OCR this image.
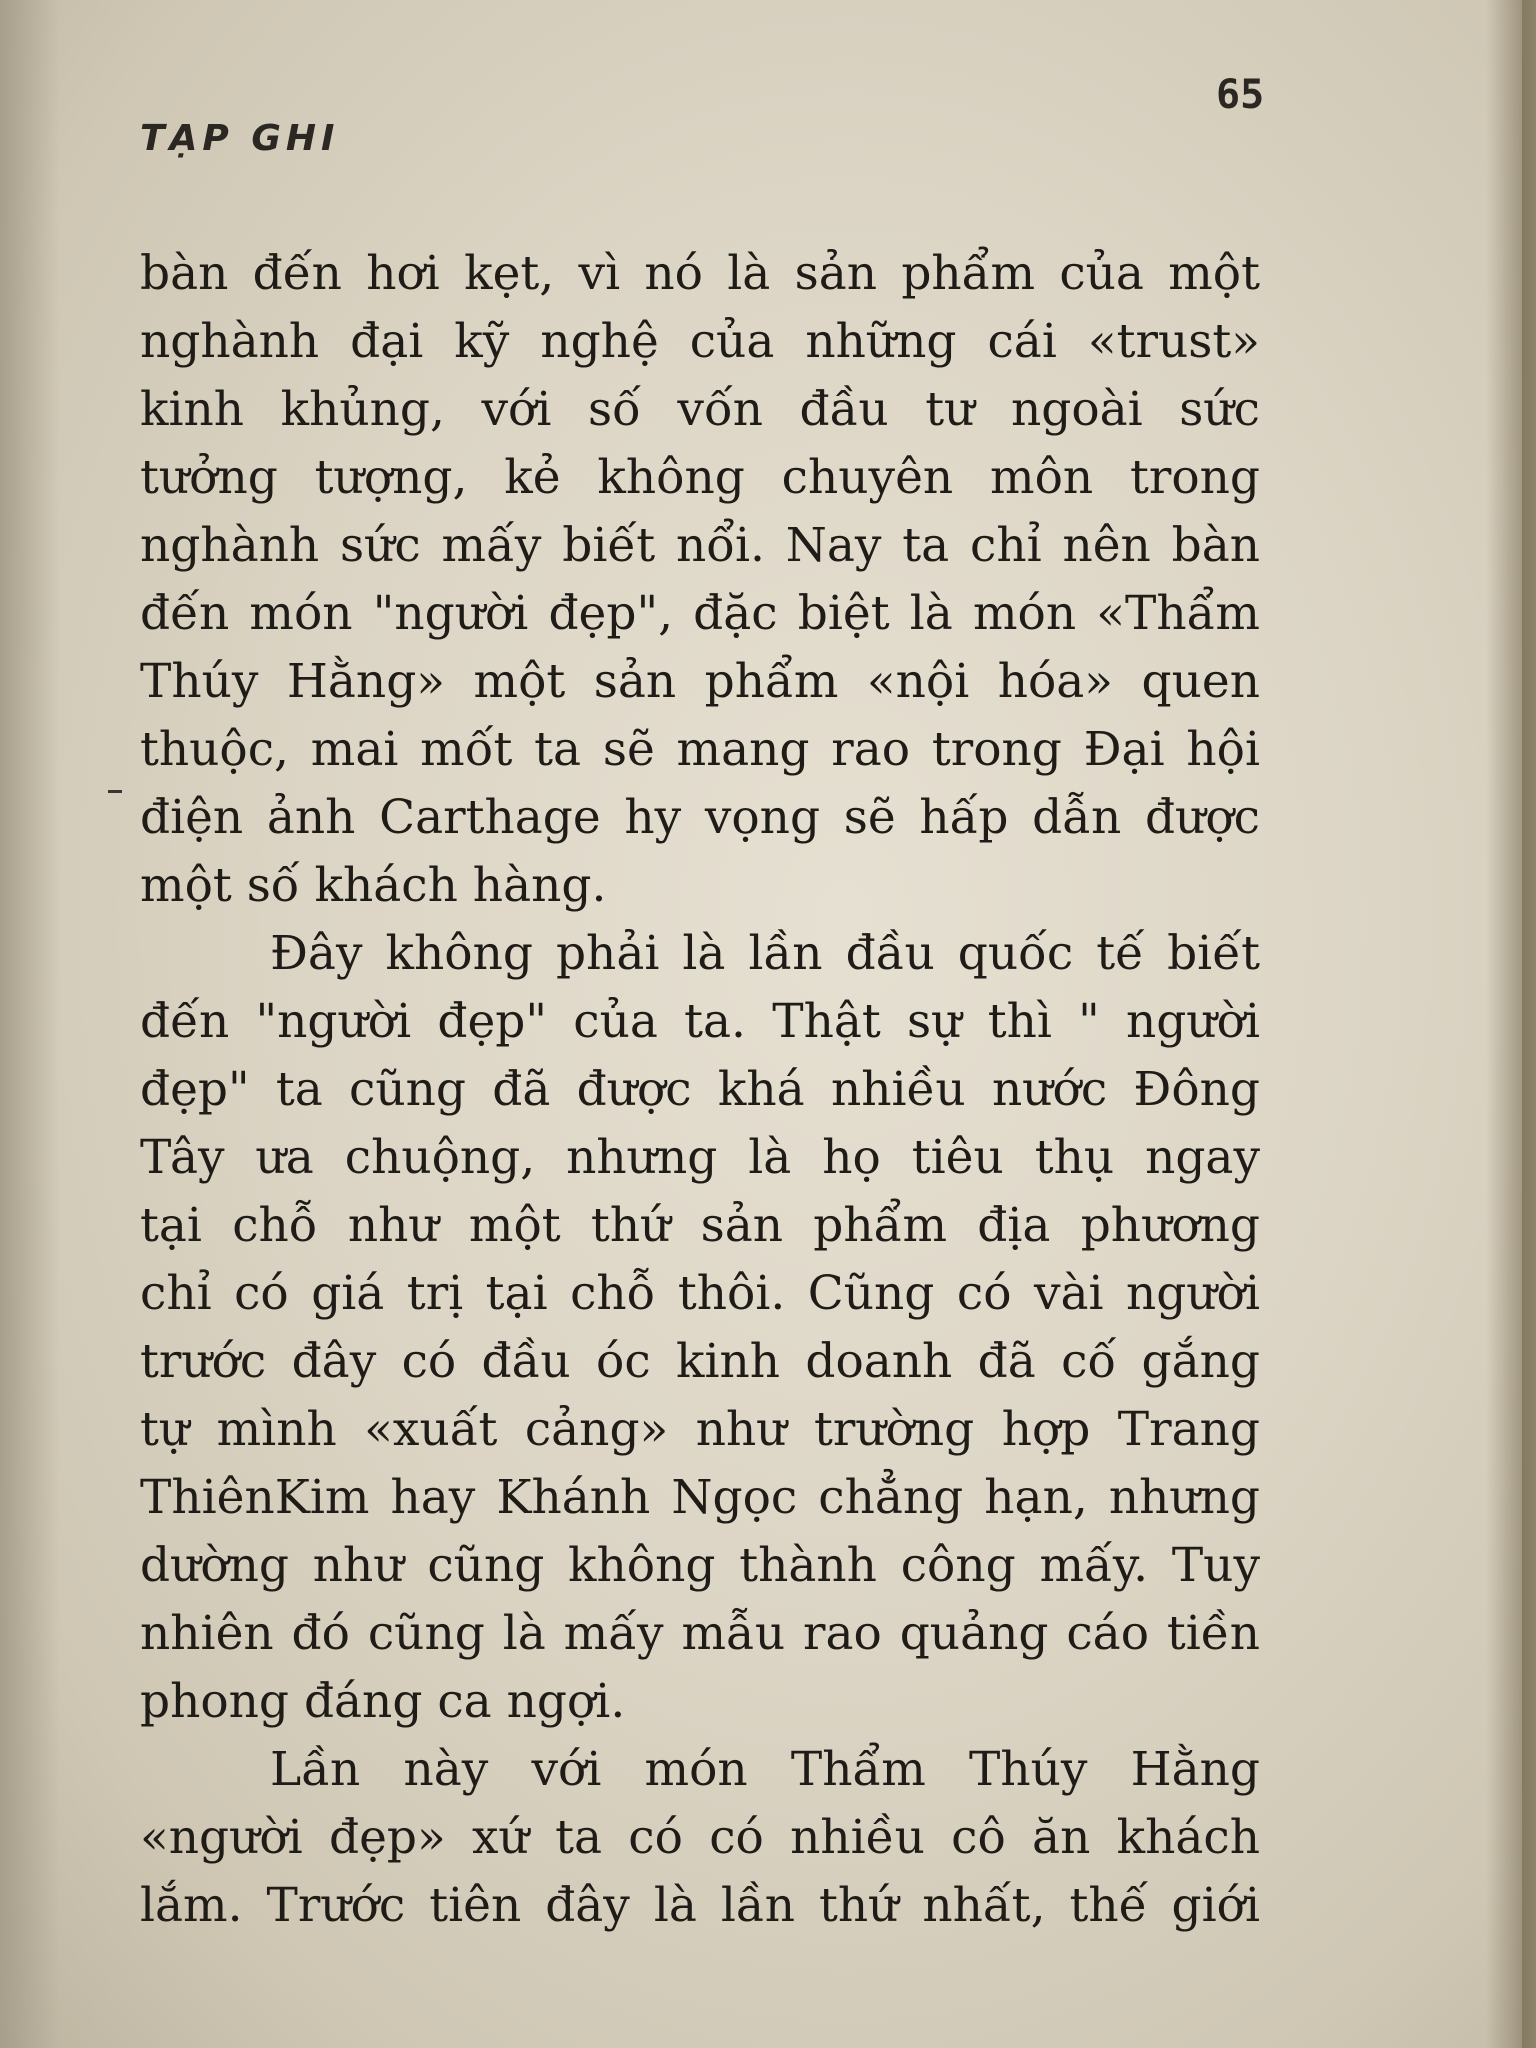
TẠP GHI
65
bàn đến hơi kẹt, vì nó là sản phẩm của một
nghành đại kỹ nghệ của những cái «trust»
kinh khủng, với số vốn đầu tư ngoài sức
tưởng tượng, kẻ không chuyên môn trong
nghành sức mấy biết nổi. Nay ta chỉ nên bàn
đến món "người đẹp", đặc biệt là món «Thẩm
Thúy Hằng» một sản phẩm «nội hóa» quen
thuộc, mai mốt ta sẽ mang rao trong Đại hội
điện ảnh Carthage hy vọng sẽ hấp dẫn được
một số khách hàng.
Đây không phải là lần đầu quốc tế biết
đến "người đẹp" của ta. Thật sự thì " người
đẹp" ta cũng đã được khá nhiều nước Đông
Tây ưa chuộng, nhưng là họ tiêu thụ ngay
tại chỗ như một thứ sản phẩm địa phương
chỉ có giá trị tại chỗ thôi. Cũng có vài người
trước đây có đầu óc kinh doanh đã cố gắng
tự mình «xuất cảng» như trường hợp Trang
ThiênKim hay Khánh Ngọc chẳng hạn, nhưng
dường như cũng không thành công mấy. Tuy
nhiên đó cũng là mấy mẫu rao quảng cáo tiền
phong đáng ca ngợi.
Lần này với món Thẩm Thúy Hằng
«người đẹp» xứ ta có có nhiều cô ăn khách
lắm. Trước tiên đây là lần thứ nhất, thế giới
